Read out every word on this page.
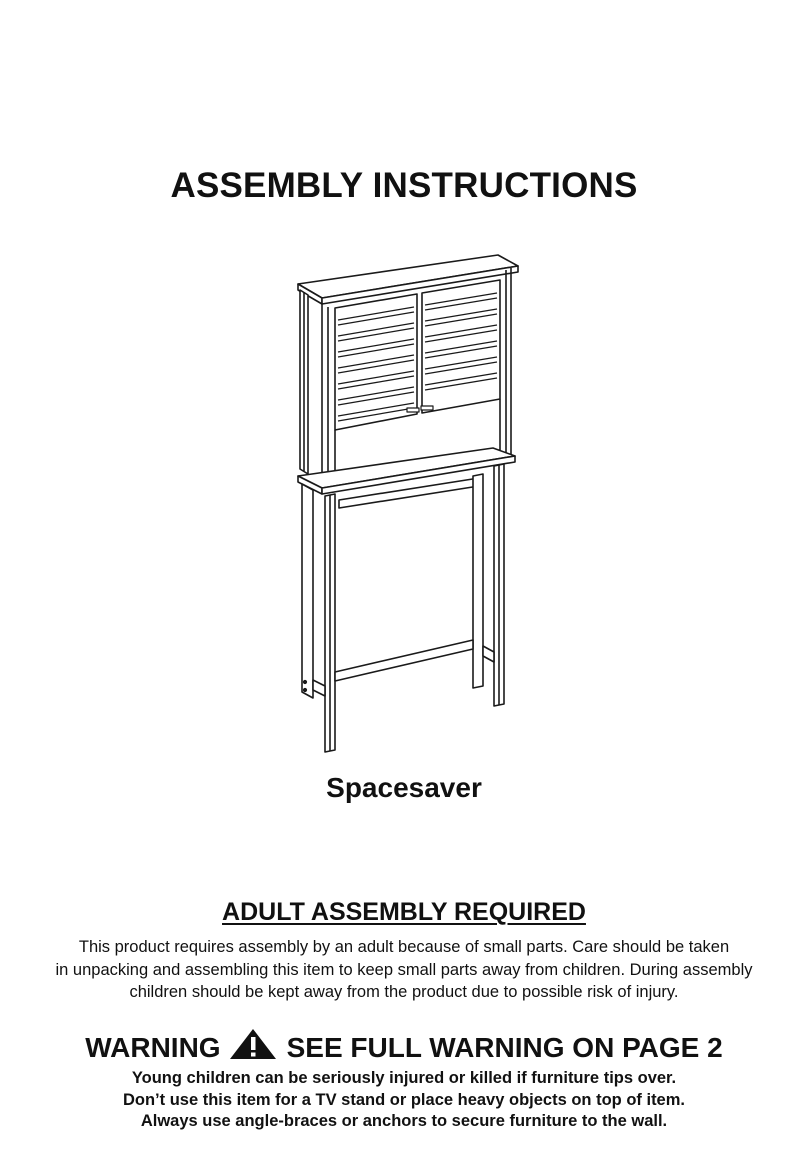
ASSEMBLY INSTRUCTIONS
Spacesaver
ADULT ASSEMBLY REQUIRED
This product requires assembly by an adult because of small parts. Care should be taken
in unpacking and assembling this item to keep small parts away from children. During assembly
children should be kept away from the product due to possible risk of injury.
WARNING SEE FULL WARNING ON PAGE 2
Young children can be seriously injured or killed if furniture tips over.
Don’t use this item for a TV stand or place heavy objects on top of item.
Always use angle-braces or anchors to secure furniture to the wall.
